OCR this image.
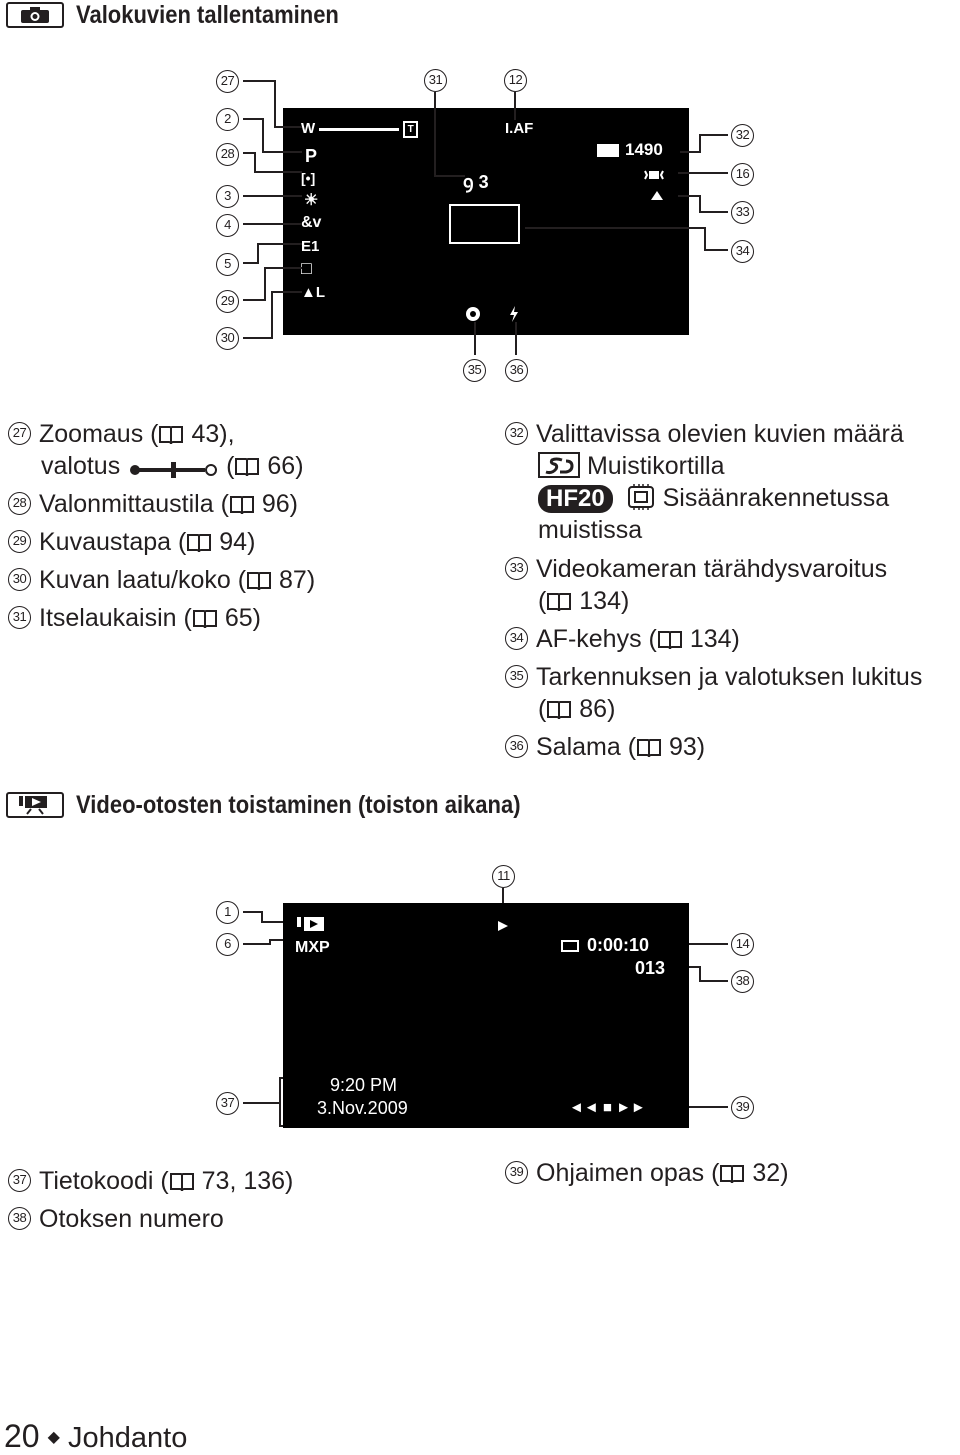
Valokuvien tallentaminen
W	T
P
[•]
☀
&v
E1
□
▲L
I.AF
ꝯ 3
1490
27
2
28
3
4
5
29
30
31	12
32
16
33
34
35	36
27 Zoomaus ( 43),
valotus	( 66)
28 Valonmittaustila ( 96)
29 Kuvaustapa ( 94)
30 Kuvan laatu/koko ( 87)
31 Itselaukaisin ( 65)
32 Valittavissa olevien kuvien määrä
Muistikortilla
HF20 Sisäänrakennetussa
muistissa
33 Videokameran tärähdysvaroitus
( 134)
34 AF-kehys ( 134)
35 Tarkennuksen ja valotuksen lukitus
( 86)
36 Salama ( 93)
Video-otosten toistaminen (toiston aikana)
MXP	0:00:10
013
9:20 PM
3.Nov.2009	◄◄ ■ ►►
11
1
6	14
38
37	39
37 Tietokoodi ( 73, 136)
38 Otoksen numero
39 Ohjaimen opas ( 32)
20 ◆ Johdanto
